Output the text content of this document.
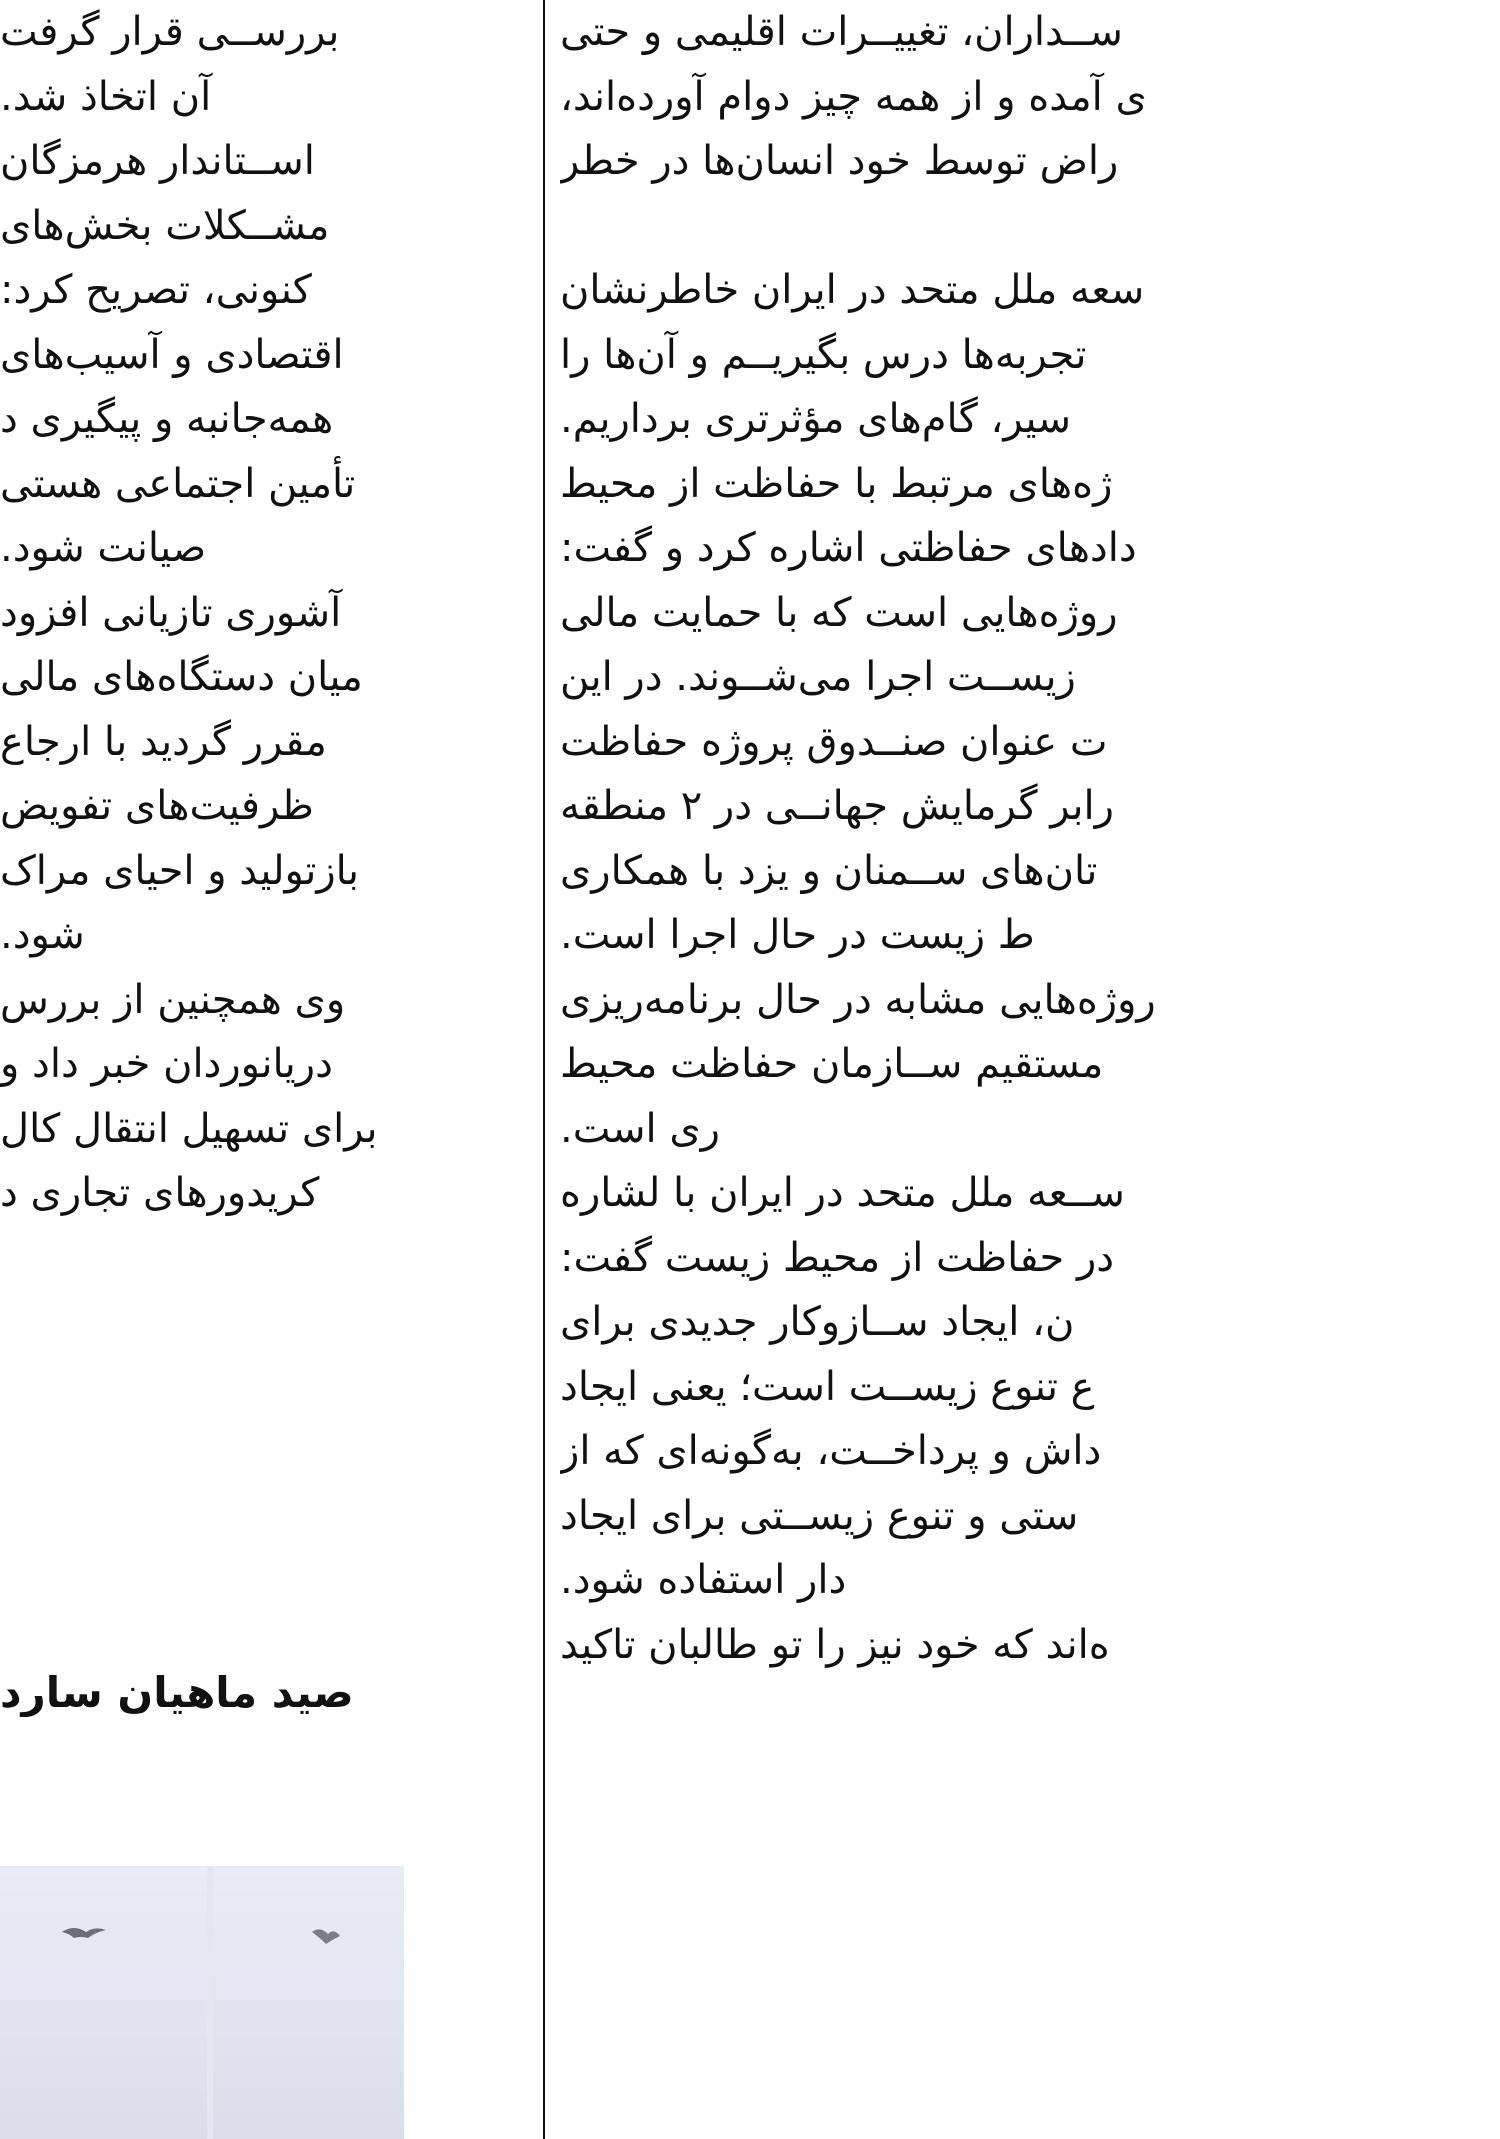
بررســی قرار گرفت
آن اتخاذ شد.
اســتاندار هرمزگان
مشــکلات بخش‌های
کنونی، تصریح کرد:
اقتصادی و آسیب‌های
همه‌جانبه و پیگیری د
تأمین اجتماعی هستی
صیانت شود.
آشوری تازیانی افزود
میان دستگاه‌های مالی
مقرر گردید با ارجاع
ظرفیت‌های تفویض
بازتولید و احیای مراک
شود.
وی همچنین از بررس
دریانوردان خبر داد و
برای تسهیل انتقال کال
کریدورهای تجاری د
صید ماهیان سارد
ســداران، تغییــرات اقلیمی و حتی
ی آمده و از همه چیز دوام آورده‌اند،
راض توسط خود انسان‌ها در خطر

سعه ملل متحد در ایران خاطرنشان
تجربه‌ها درس بگیریــم و آن‌ها را
سیر، گام‌های مؤثرتری برداریم.
ژه‌های مرتبط با حفاظت از محیط
دادهای حفاظتی اشاره کرد و گفت:
روژه‌هایی است که با حمایت مالی
زیســت اجرا می‌شــوند. در این
ت عنوان صنــدوق پروژه حفاظت
رابر گرمایش جهانــی در ۲ منطقه
تان‌های ســمنان و یزد با همکاری
ط زیست در حال اجرا است.
روژه‌هایی مشابه در حال برنامه‌ریزی
مستقیم ســازمان حفاظت محیط
ری است.
ســعه ملل متحد در ایران با لشاره
در حفاظت از محیط زیست گفت:
ن، ایجاد ســازوکار جدیدی برای
ع تنوع زیســت است؛ یعنی ایجاد
داش و پرداخــت، به‌گونه‌ای که از
ستی و تنوع زیســتی برای ایجاد
دار استفاده شود.
ه‌اند که خود نیز را تو طالبان تاکید
